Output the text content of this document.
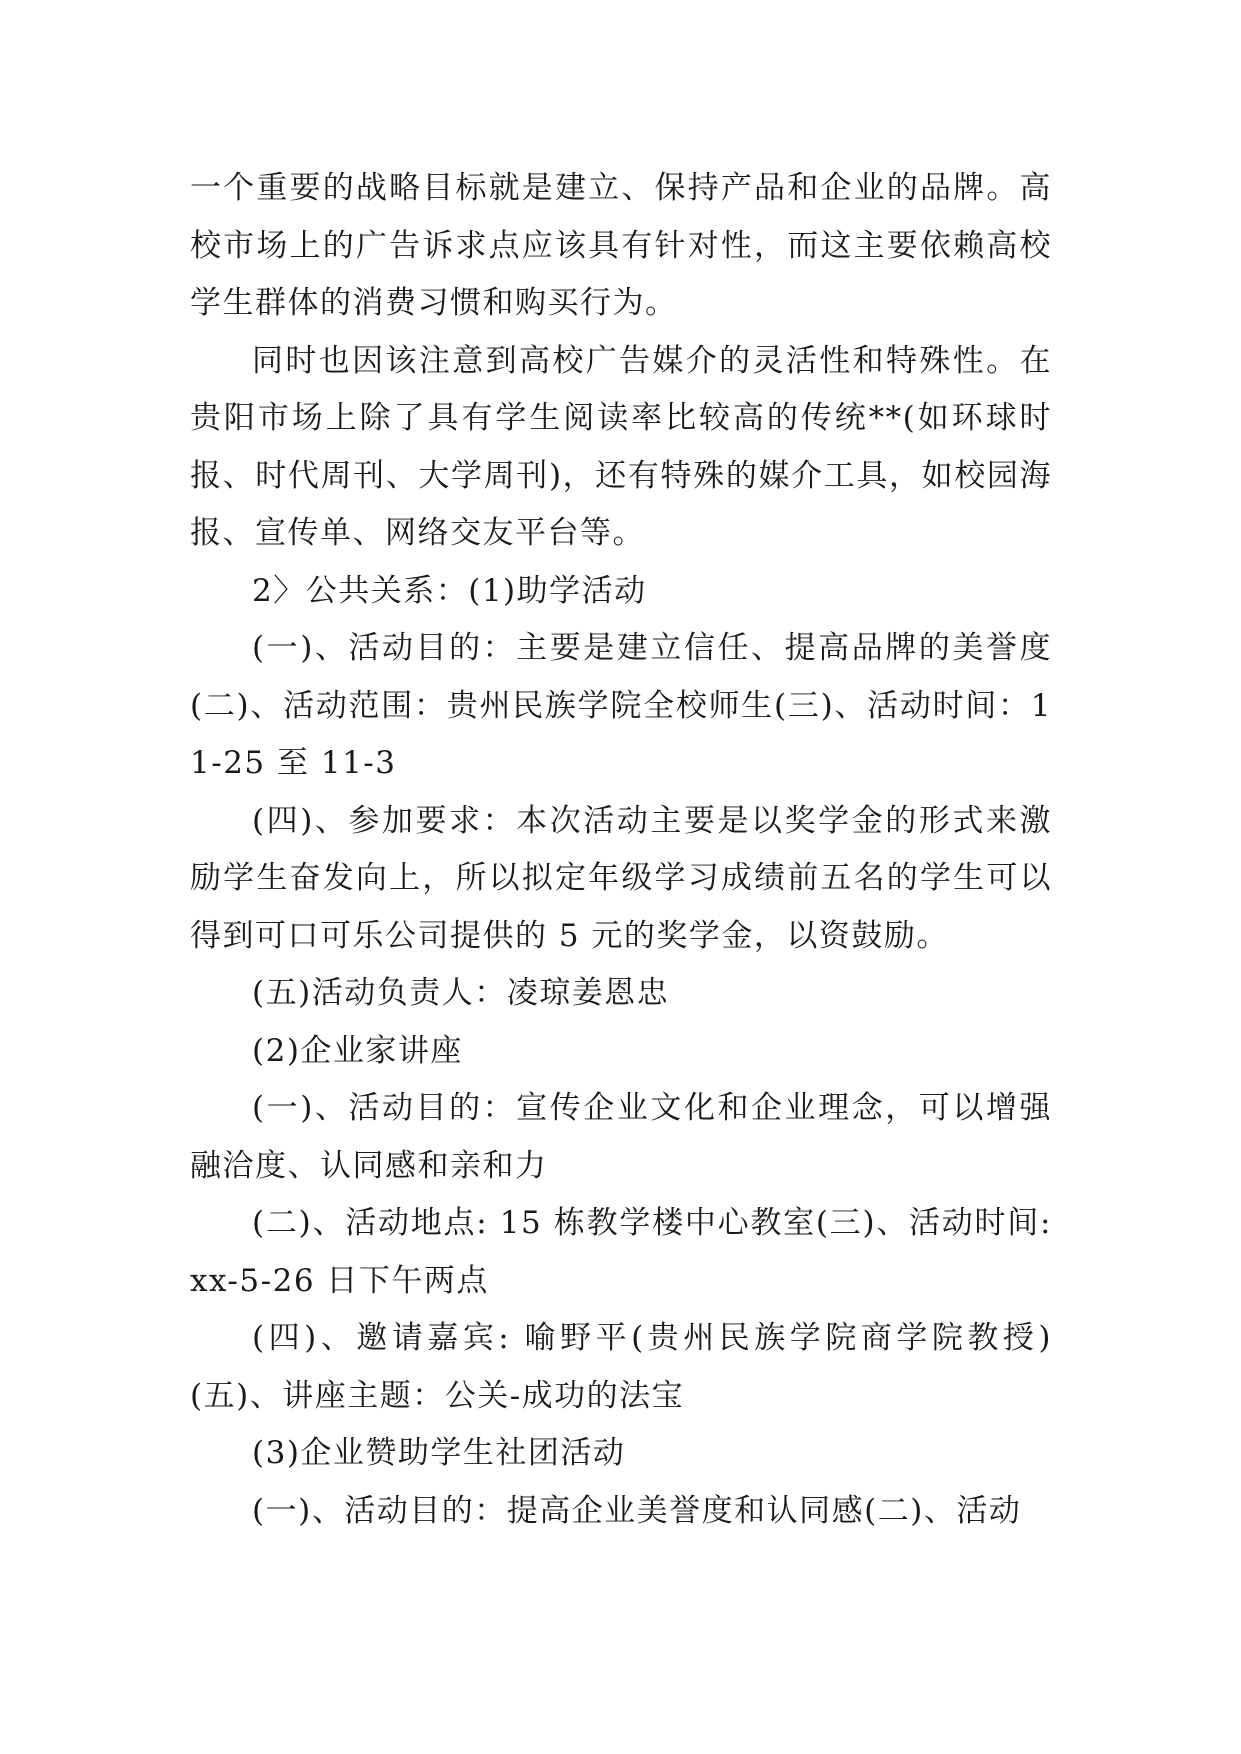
一个重要的战略目标就是建立、保持产品和企业的品牌。高校市场上的广告诉求点应该具有针对性，而这主要依赖高校学生群体的消费习惯和购买行为。

同时也因该注意到高校广告媒介的灵活性和特殊性。在贵阳市场上除了具有学生阅读率比较高的传统**(如环球时报、时代周刊、大学周刊)，还有特殊的媒介工具，如校园海报、宣传单、网络交友平台等。

2〉公共关系：(1)助学活动

(一)、活动目的：主要是建立信任、提高品牌的美誉度(二)、活动范围：贵州民族学院全校师生(三)、活动时间：11-25 至 11-3

(四)、参加要求：本次活动主要是以奖学金的形式来激励学生奋发向上，所以拟定年级学习成绩前五名的学生可以得到可口可乐公司提供的 5 元的奖学金，以资鼓励。

(五)活动负责人：凌琼姜恩忠

(2)企业家讲座

(一)、活动目的：宣传企业文化和企业理念，可以增强融洽度、认同感和亲和力

(二)、活动地点: 15 栋教学楼中心教室(三)、活动时间: xx-5-26 日下午两点

(四)、邀请嘉宾: 喻野平(贵州民族学院商学院教授)(五)、讲座主题：公关-成功的法宝

(3)企业赞助学生社团活动

(一)、活动目的：提高企业美誉度和认同感(二)、活动
